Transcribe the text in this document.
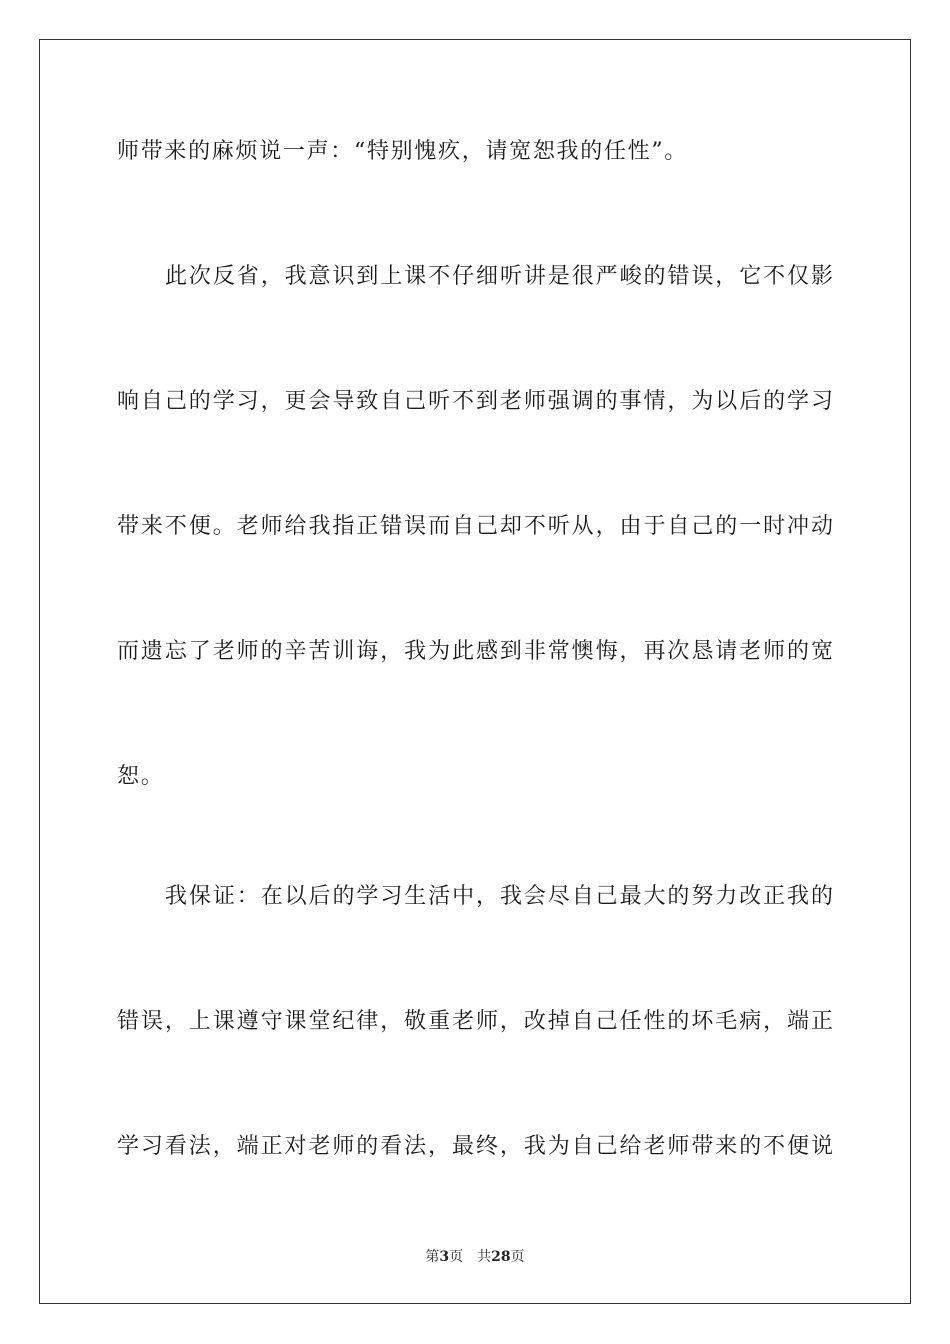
师带来的麻烦说一声：“特别愧疚，请宽恕我的任性”。
此次反省，我意识到上课不仔细听讲是很严峻的错误，它不仅影
响自己的学习，更会导致自己听不到老师强调的事情，为以后的学习
带来不便。老师给我指正错误而自己却不听从，由于自己的一时冲动
而遗忘了老师的辛苦训诲，我为此感到非常懊悔，再次恳请老师的宽
恕。
我保证：在以后的学习生活中，我会尽自己最大的努力改正我的
错误，上课遵守课堂纪律，敬重老师，改掉自己任性的坏毛病，端正
学习看法，端正对老师的看法，最终，我为自己给老师带来的不便说
第3页 共28页
